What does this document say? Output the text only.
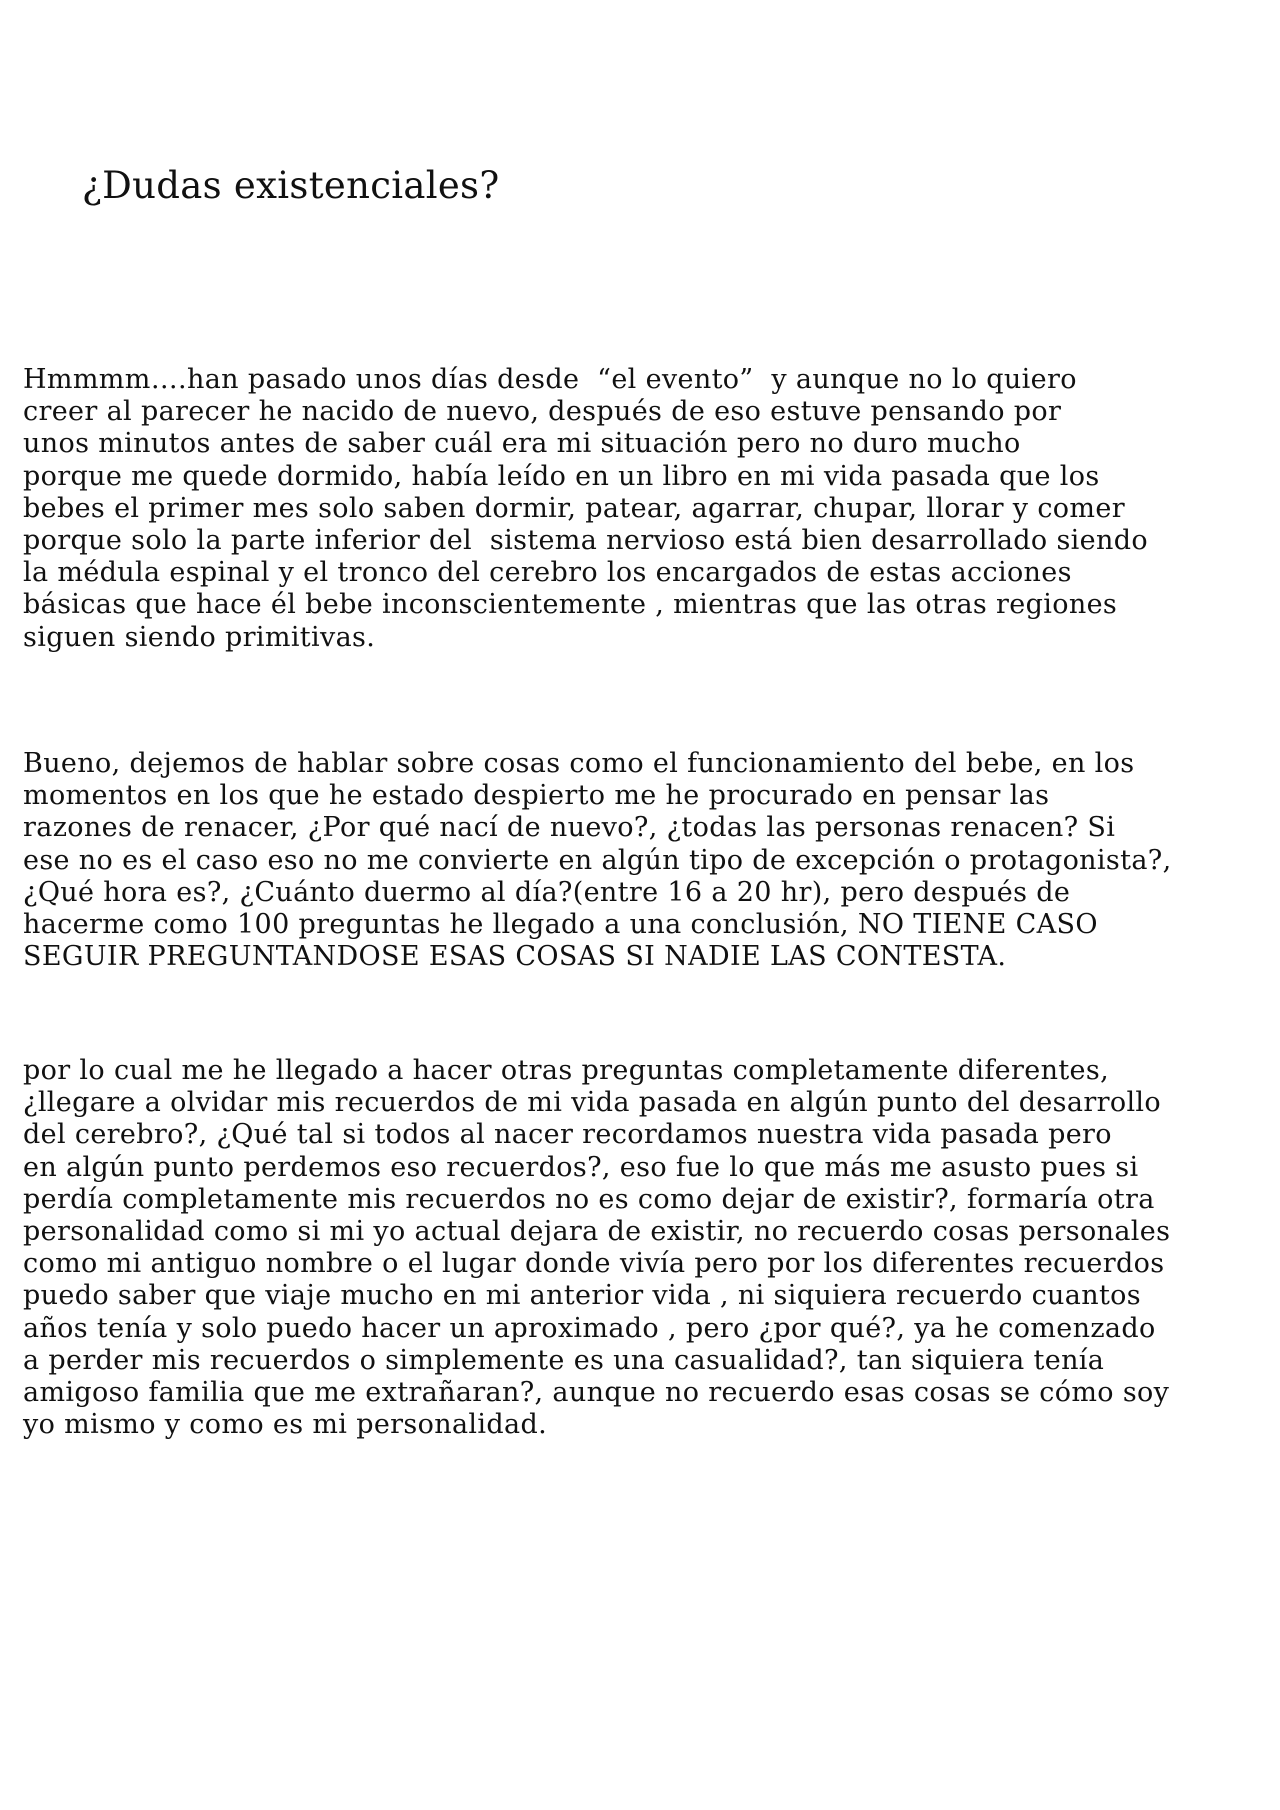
¿Dudas existenciales?

Hmmmm….han pasado unos días desde  “el evento”  y aunque no lo quiero
creer al parecer he nacido de nuevo, después de eso estuve pensando por
unos minutos antes de saber cuál era mi situación pero no duro mucho
porque me quede dormido, había leído en un libro en mi vida pasada que los
bebes el primer mes solo saben dormir, patear, agarrar, chupar, llorar y comer
porque solo la parte inferior del  sistema nervioso está bien desarrollado siendo
la médula espinal y el tronco del cerebro los encargados de estas acciones
básicas que hace él bebe inconscientemente , mientras que las otras regiones
siguen siendo primitivas.

Bueno, dejemos de hablar sobre cosas como el funcionamiento del bebe, en los
momentos en los que he estado despierto me he procurado en pensar las
razones de renacer, ¿Por qué nací de nuevo?, ¿todas las personas renacen? Si
ese no es el caso eso no me convierte en algún tipo de excepción o protagonista?,
¿Qué hora es?, ¿Cuánto duermo al día?(entre 16 a 20 hr), pero después de
hacerme como 100 preguntas he llegado a una conclusión, NO TIENE CASO
SEGUIR PREGUNTANDOSE ESAS COSAS SI NADIE LAS CONTESTA.

por lo cual me he llegado a hacer otras preguntas completamente diferentes,
¿llegare a olvidar mis recuerdos de mi vida pasada en algún punto del desarrollo
del cerebro?, ¿Qué tal si todos al nacer recordamos nuestra vida pasada pero
en algún punto perdemos eso recuerdos?, eso fue lo que más me asusto pues si
perdía completamente mis recuerdos no es como dejar de existir?, formaría otra
personalidad como si mi yo actual dejara de existir, no recuerdo cosas personales
como mi antiguo nombre o el lugar donde vivía pero por los diferentes recuerdos
puedo saber que viaje mucho en mi anterior vida , ni siquiera recuerdo cuantos
años tenía y solo puedo hacer un aproximado , pero ¿por qué?, ya he comenzado
a perder mis recuerdos o simplemente es una casualidad?, tan siquiera tenía
amigoso familia que me extrañaran?, aunque no recuerdo esas cosas se cómo soy
yo mismo y como es mi personalidad.
